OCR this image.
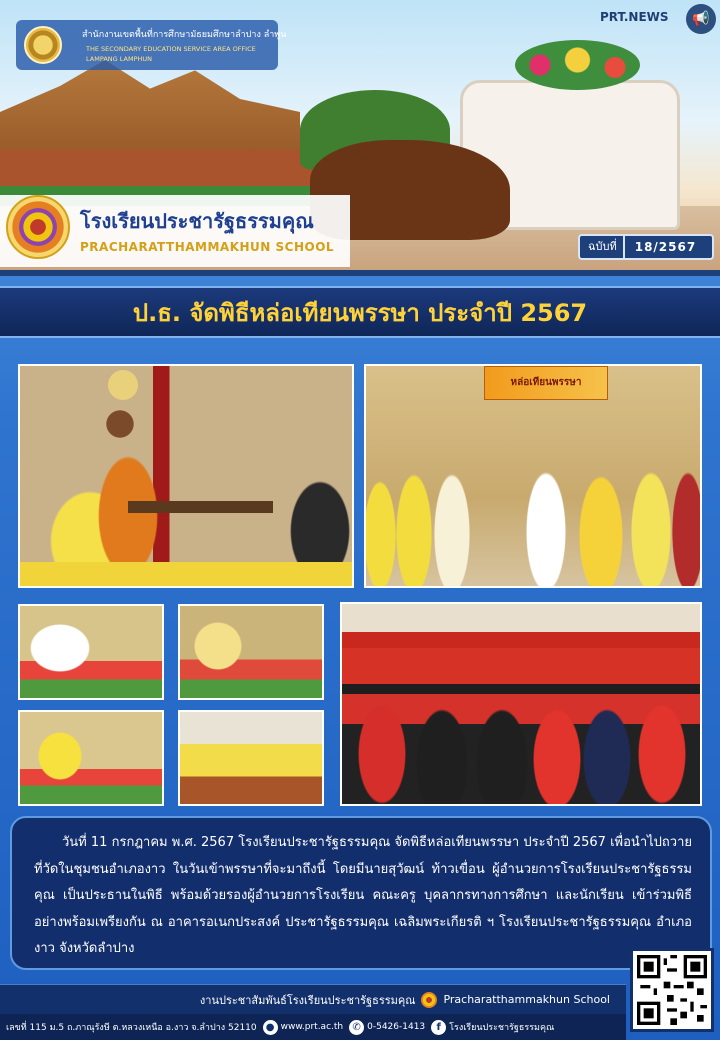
สำนักงานเขตพื้นที่การศึกษามัธยมศึกษาลำปาง ลำพูน
THE SECONDARY EDUCATION SERVICE AREA OFFICE
LAMPANG LAMPHUN
PRT.NEWS	📢
โรงเรียนประชารัฐธรรมคุณ
PRACHARATTHAMMAKHUN SCHOOL	ฉบับที่	18/2567
ป.ธ. จัดพิธีหล่อเทียนพรรษา ประจำปี 2567
หล่อเทียนพรรษา

วันที่ 11 กรกฎาคม พ.ศ. 2567 โรงเรียนประชารัฐธรรมคุณ จัดพิธีหล่อเทียนพรรษา ประจำปี 2567 เพื่อนำไปถวายที่วัดในชุมชนอำเภองาว ในวันเข้าพรรษาที่จะมาถึงนี้ โดยมีนายสุวัฒน์ ท้าวเขื่อน ผู้อำนวยการโรงเรียนประชารัฐธรรมคุณ เป็นประธานในพิธี พร้อมด้วยรองผู้อำนวยการโรงเรียน คณะครู บุคลากรทางการศึกษา และนักเรียน เข้าร่วมพิธีอย่างพร้อมเพรียงกัน ณ อาคารอเนกประสงค์ ประชารัฐธรรมคุณ เฉลิมพระเกียรติ ฯ โรงเรียนประชารัฐธรรมคุณ อำเภองาว จังหวัดลำปาง

งานประชาสัมพันธ์โรงเรียนประชารัฐธรรมคุณ	Pracharatthammakhun School
เลขที่ 115 ม.5 ถ.ภาณุรังษี ต.หลวงเหนือ อ.งาว จ.ลำปาง 52110 ● www.prt.ac.th ✆ 0-5426-1413	f โรงเรียนประชารัฐธรรมคุณ
